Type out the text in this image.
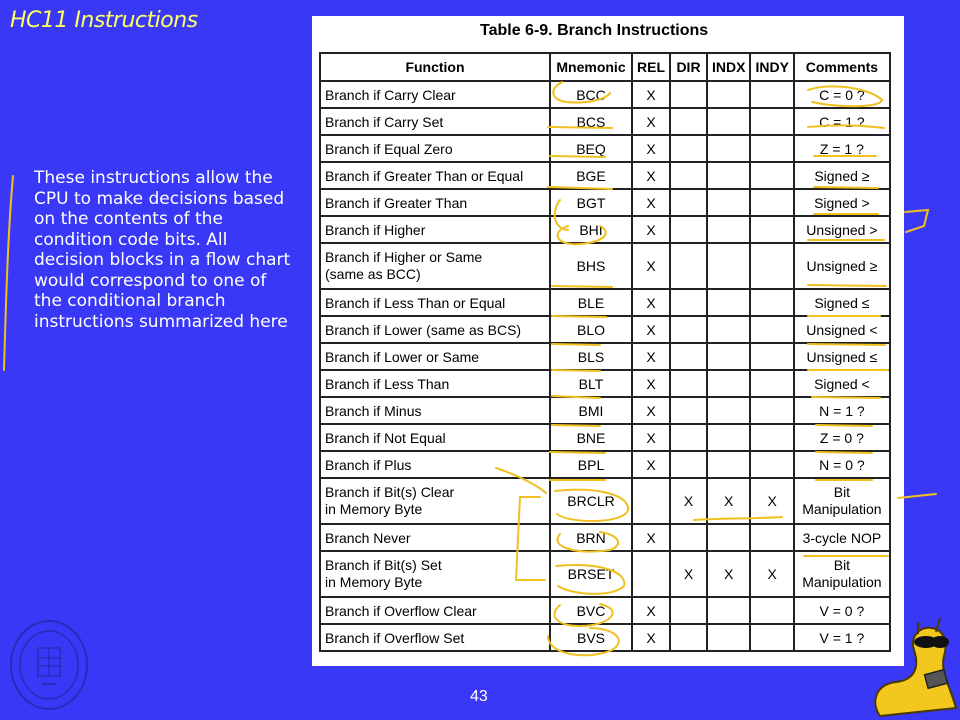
HC11 Instructions
These instructions allow the CPU to make decisions based on the contents of the condition code bits. All decision blocks in a flow chart would correspond to one of the conditional branch instructions summarized here
Table 6-9. Branch Instructions
Function	Mnemonic	REL	DIR	INDX	INDY	Comments
Branch if Carry Clear	BCC	X				C = 0 ?
Branch if Carry Set	BCS	X				C = 1 ?
Branch if Equal Zero	BEQ	X				Z = 1 ?
Branch if Greater Than or Equal	BGE	X				Signed ≥
Branch if Greater Than	BGT	X				Signed >
Branch if Higher	BHI	X				Unsigned >
Branch if Higher or Same
(same as BCC)	BHS	X				Unsigned ≥
Branch if Less Than or Equal	BLE	X				Signed ≤
Branch if Lower (same as BCS)	BLO	X				Unsigned <
Branch if Lower or Same	BLS	X				Unsigned ≤
Branch if Less Than	BLT	X				Signed <
Branch if Minus	BMI	X				N = 1 ?
Branch if Not Equal	BNE	X				Z = 0 ?
Branch if Plus	BPL	X				N = 0 ?
Branch if Bit(s) Clear
in Memory Byte	BRCLR		X	X	X	Bit
Manipulation
Branch Never	BRN	X				3-cycle NOP
Branch if Bit(s) Set
in Memory Byte	BRSET		X	X	X	Bit
Manipulation
Branch if Overflow Clear	BVC	X				V = 0 ?
Branch if Overflow Set	BVS	X				V = 1 ?
43
